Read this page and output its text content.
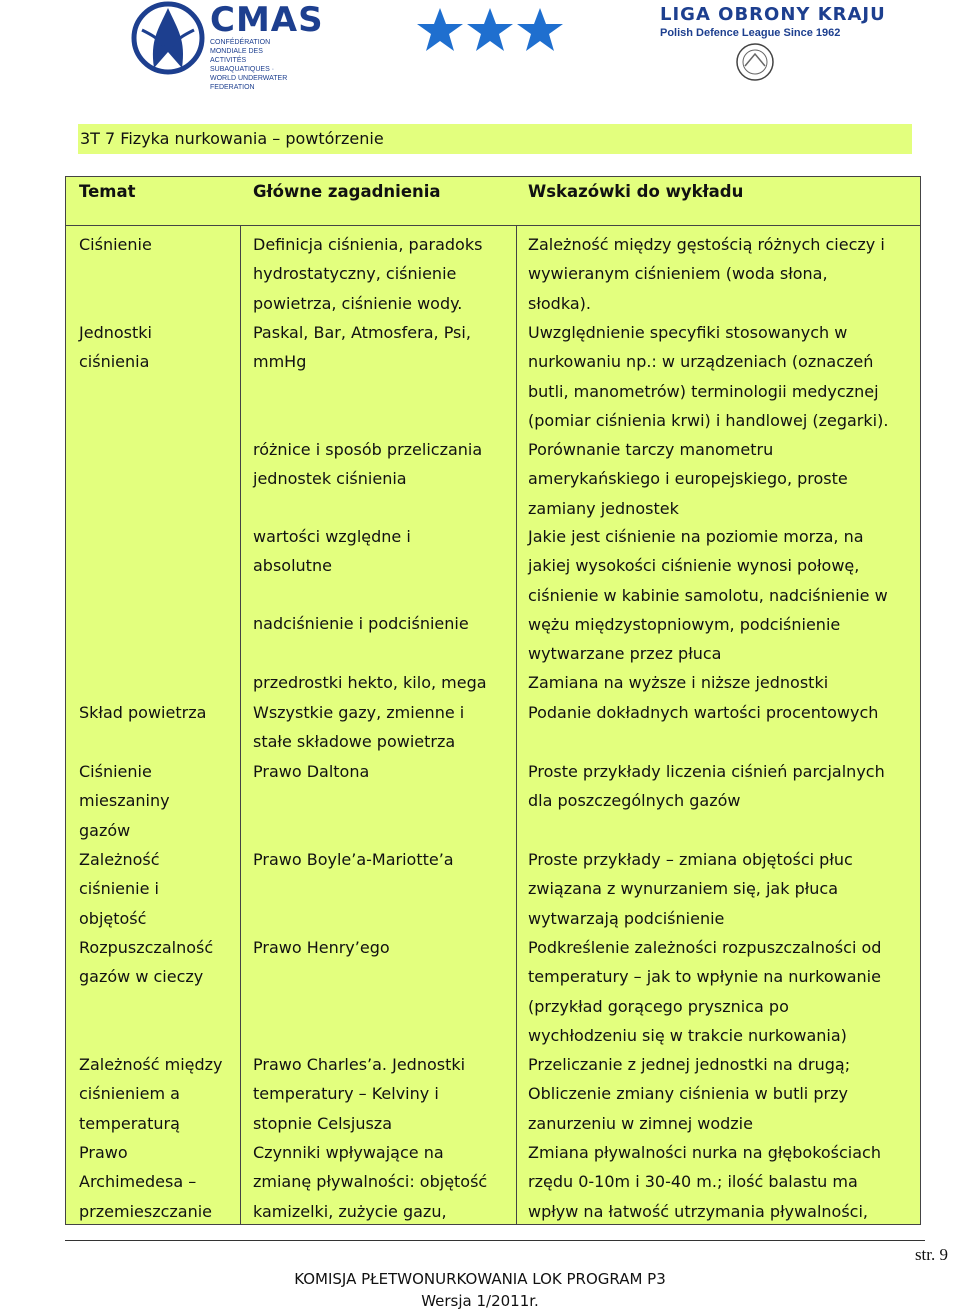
CMAS
CONFÉDÉRATION MONDIALE DES ACTIVITÉS SUBAQUATIQUES · WORLD UNDERWATER FEDERATION
LIGA OBRONY KRAJU
Polish Defence League Since 1962
3T 7 Fizyka nurkowania – powtórzenie
Temat	Główne zagadnienia	Wskazówki do wykładu
Ciśnienie
Jednostki
ciśnienia
Skład powietrza
Ciśnienie
mieszaniny
gazów
Zależność
ciśnienie i
objętość
Rozpuszczalność
gazów w cieczy
Zależność między
ciśnieniem a
temperaturą
Prawo
Archimedesa –
przemieszczanie
Definicja ciśnienia, paradoks
hydrostatyczny, ciśnienie
powietrza, ciśnienie wody.
Paskal, Bar, Atmosfera, Psi,
mmHg
różnice i sposób przeliczania
jednostek ciśnienia
wartości względne i
absolutne
nadciśnienie i podciśnienie
przedrostki hekto, kilo, mega
Wszystkie gazy, zmienne i
stałe składowe powietrza
Prawo Daltona
Prawo Boyle’a-Mariotte’a
Prawo Henry’ego
Prawo Charles’a. Jednostki
temperatury – Kelviny i
stopnie Celsjusza
Czynniki wpływające na
zmianę pływalności: objętość
kamizelki, zużycie gazu,
Zależność między gęstością różnych cieczy i
wywieranym ciśnieniem (woda słona,
słodka).
Uwzględnienie specyfiki stosowanych w
nurkowaniu np.: w urządzeniach (oznaczeń
butli, manometrów) terminologii medycznej
(pomiar ciśnienia krwi) i handlowej (zegarki).
Porównanie tarczy manometru
amerykańskiego i europejskiego, proste
zamiany jednostek
Jakie jest ciśnienie na poziomie morza, na
jakiej wysokości ciśnienie wynosi połowę,
ciśnienie w kabinie samolotu, nadciśnienie w
wężu międzystopniowym, podciśnienie
wytwarzane przez płuca
Zamiana na wyższe i niższe jednostki
Podanie dokładnych wartości procentowych
Proste przykłady liczenia ciśnień parcjalnych
dla poszczególnych gazów
Proste przykłady – zmiana objętości płuc
związana z wynurzaniem się, jak płuca
wytwarzają podciśnienie
Podkreślenie zależności rozpuszczalności od
temperatury – jak to wpłynie na nurkowanie
(przykład gorącego prysznica po
wychłodzeniu się w trakcie nurkowania)
Przeliczanie z jednej jednostki na drugą;
Obliczenie zmiany ciśnienia w butli przy
zanurzeniu w zimnej wodzie
Zmiana pływalności nurka na głębokościach
rzędu 0-10m i 30-40 m.; ilość balastu ma
wpływ na łatwość utrzymania pływalności,
str. 9
KOMISJA PŁETWONURKOWANIA LOK PROGRAM P3
Wersja 1/2011r.
